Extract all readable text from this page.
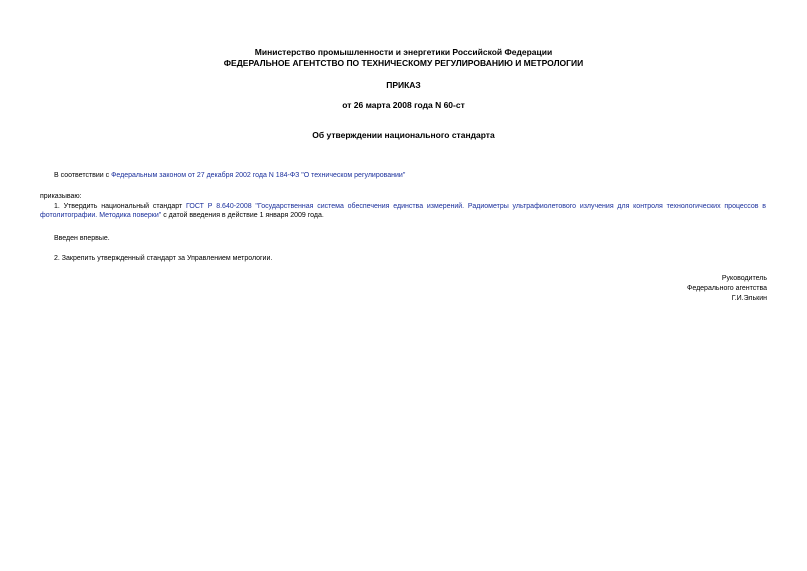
Министерство промышленности и энергетики Российской Федерации
ФЕДЕРАЛЬНОЕ АГЕНТСТВО ПО ТЕХНИЧЕСКОМУ РЕГУЛИРОВАНИЮ И МЕТРОЛОГИИ
ПРИКАЗ
от 26 марта 2008 года N 60-ст
Об утверждении национального стандарта
В соответствии с Федеральным законом от 27 декабря 2002 года N 184-ФЗ "О техническом регулировании"
приказываю:
1. Утвердить национальный стандарт ГОСТ Р 8.640-2008 "Государственная система обеспечения единства измерений. Радиометры ультрафиолетового излучения для контроля технологических процессов в фотолитографии. Методика поверки" с датой введения в действие 1 января 2009 года.
Введен впервые.
2. Закрепить утвержденный стандарт за Управлением метрологии.
Руководитель
Федерального агентства
Г.И.Элькин
